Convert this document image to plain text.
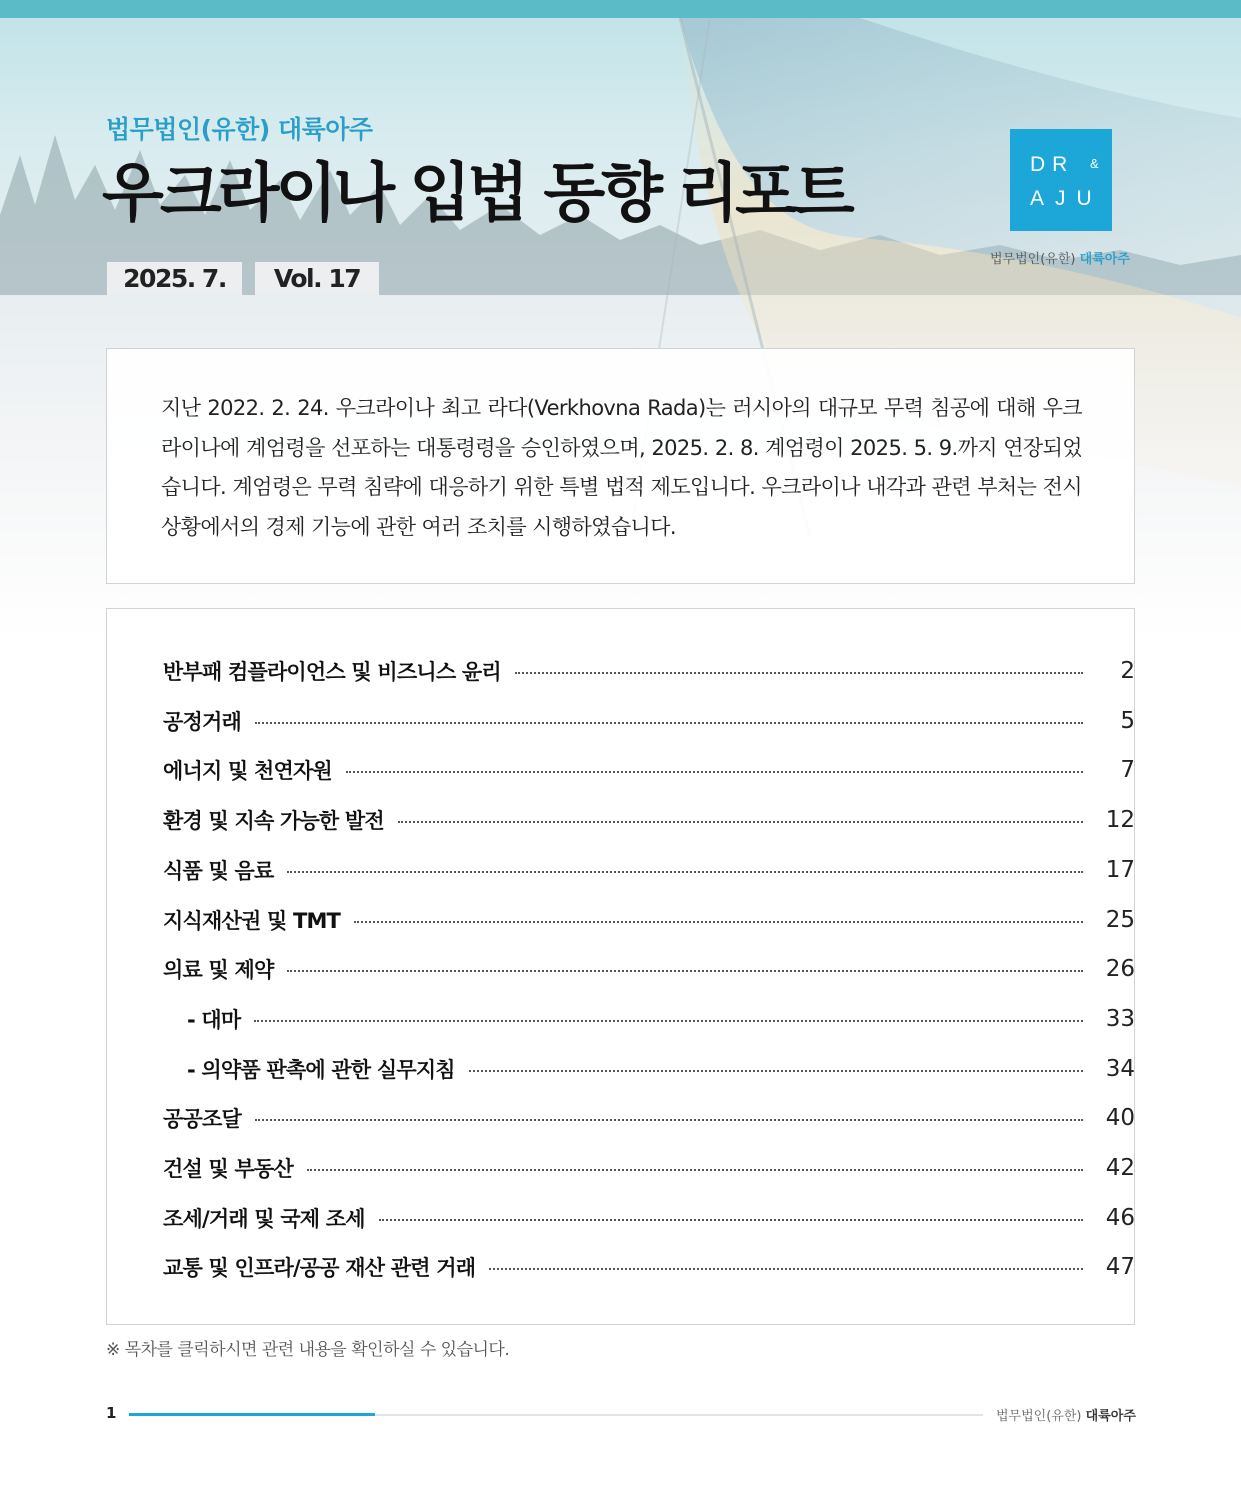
법무법인(유한) 대륙아주
우크라이나 입법 동향 리포트
2025. 7.	Vol. 17
DR &
AJU
법무법인(유한) 대륙아주

지난 2022. 2. 24. 우크라이나 최고 라다(Verkhovna Rada)는 러시아의 대규모 무력 침공에 대해 우크라이나에 계엄령을 선포하는 대통령령을 승인하였으며, 2025. 2. 8. 계엄령이 2025. 5. 9.까지 연장되었습니다. 계엄령은 무력 침략에 대응하기 위한 특별 법적 제도입니다. 우크라이나 내각과 관련 부처는 전시 상황에서의 경제 기능에 관한 여러 조치를 시행하였습니다.

반부패 컴플라이언스 및 비즈니스 윤리	2
공정거래	5
에너지 및 천연자원	7
환경 및 지속 가능한 발전	12
식품 및 음료	17
지식재산권 및 TMT	25
의료 및 제약	26
- 대마	33
- 의약품 판촉에 관한 실무지침	34
공공조달	40
건설 및 부동산	42
조세/거래 및 국제 조세	46
교통 및 인프라/공공 재산 관련 거래	47
※ 목차를 클릭하시면 관련 내용을 확인하실 수 있습니다.
1	법무법인(유한) 대륙아주
